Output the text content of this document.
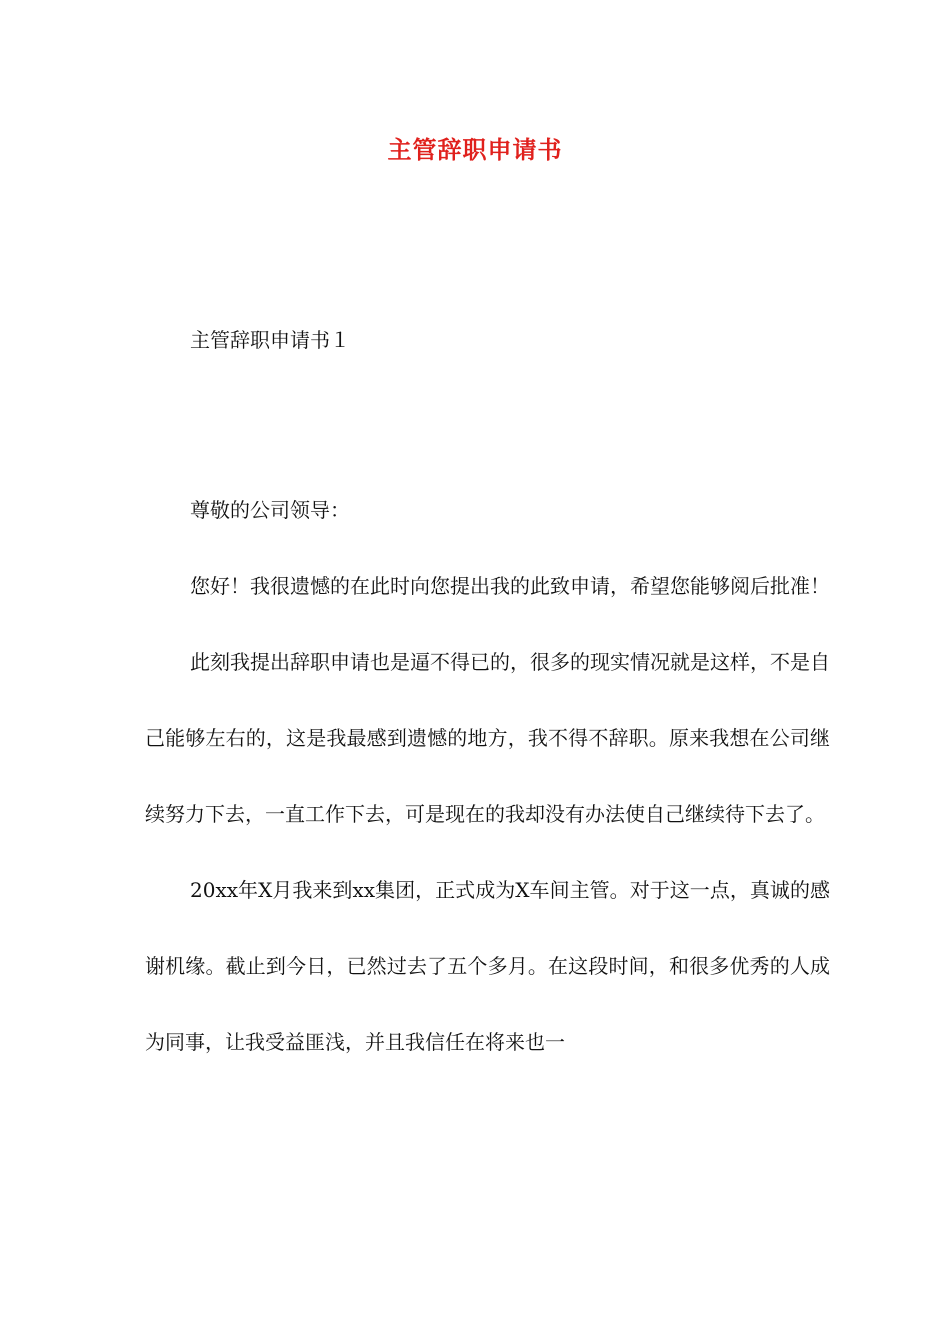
主管辞职申请书
主管辞职申请书１

尊敬的公司领导：

您好！我很遗憾的在此时向您提出我的此致申请，希望您能够阅后批准！

此刻我提出辞职申请也是逼不得已的，很多的现实情况就是这样，不是自己能够左右的，这是我最感到遗憾的地方，我不得不辞职。原来我想在公司继续努力下去，一直工作下去，可是现在的我却没有办法使自己继续待下去了。

20xx年X月我来到xx集团，正式成为X车间主管。对于这一点，真诚的感谢机缘。截止到今日，已然过去了五个多月。在这段时间，和很多优秀的人成为同事，让我受益匪浅，并且我信任在将来也一
